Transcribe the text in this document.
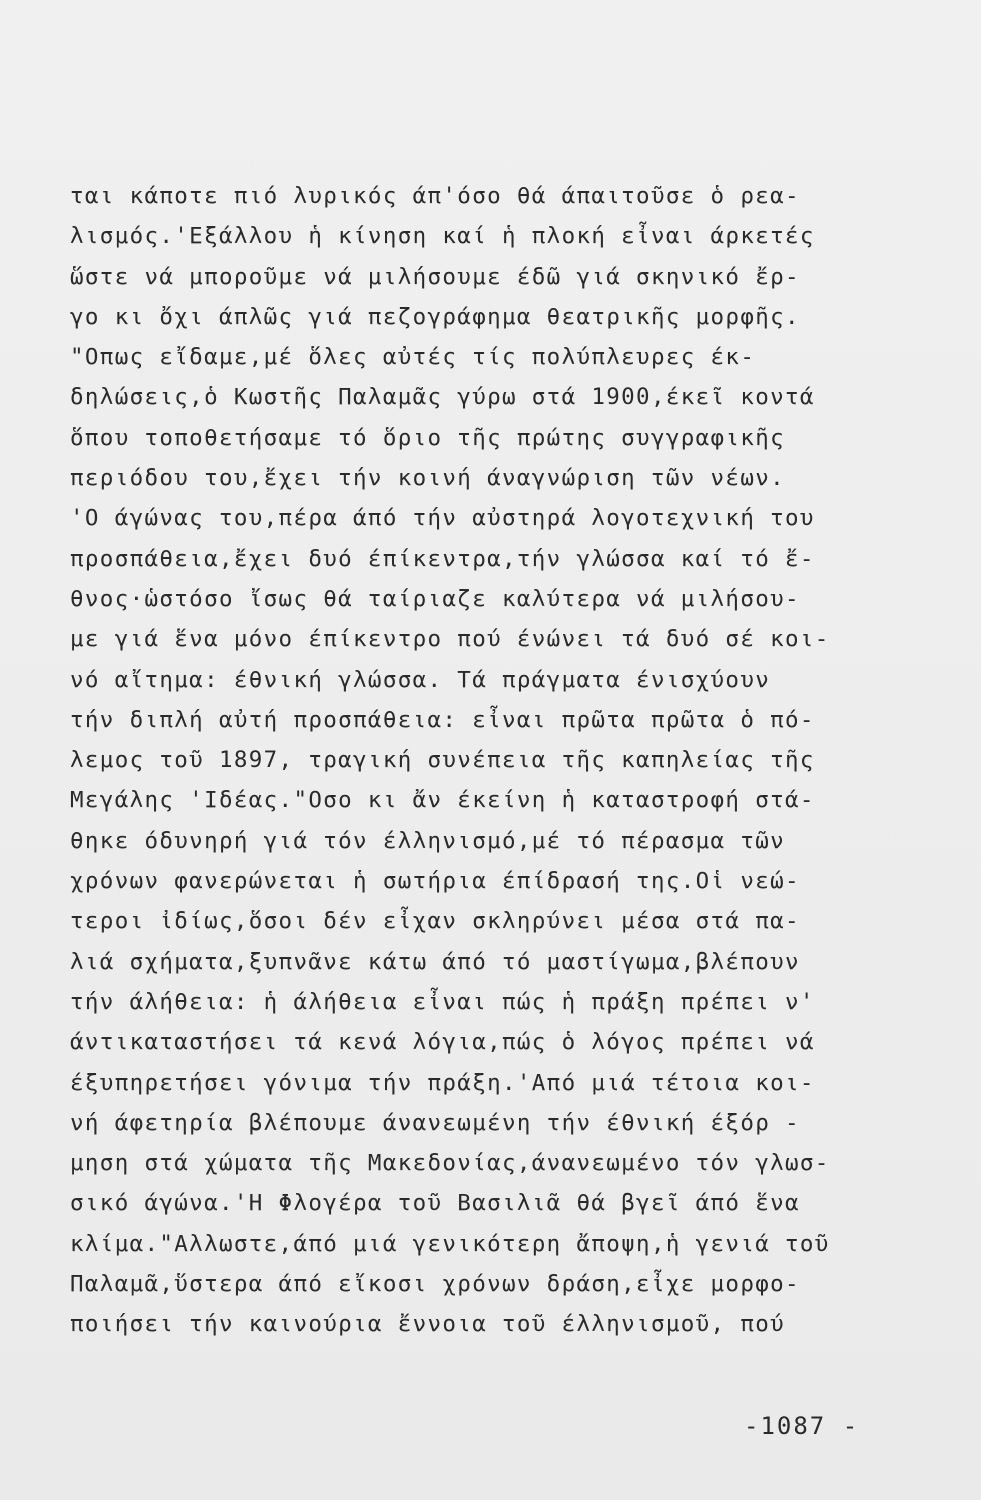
ται κάποτε πιό λυρικός άπ'όσο θά άπαιτοῦσε ὁ ρεα-
λισμός.'Εξάλλου ἡ κίνηση καί ἡ πλοκή εἶναι άρκετές
ὥστε νά μποροῦμε νά μιλήσουμε έδῶ γιά σκηνικό ἔρ-
γο κι ὄχι άπλῶς γιά πεζογράφημα θεατρικῆς μορφῆς.
"Οπως εἴδαμε,μέ ὅλες αὐτές τίς πολύπλευρες έκ-
δηλώσεις,ὁ Κωστῆς Παλαμᾶς γύρω στά 1900,έκεῖ κοντά
ὅπου τοποθετήσαμε τό ὅριο τῆς πρώτης συγγραφικῆς
περιόδου του,ἔχει τήν κοινή άναγνώριση τῶν νέων.
'Ο άγώνας του,πέρα άπό τήν αὐστηρά λογοτεχνική του
προσπάθεια,ἔχει δυό έπίκεντρα,τήν γλώσσα καί τό ἔ-
θνος·ὡστόσο ἴσως θά ταίριαζε καλύτερα νά μιλήσου-
με γιά ἕνα μόνο έπίκεντρο πού ένώνει τά δυό σέ κοι-
νό αἴτημα: έθνική γλώσσα. Τά πράγματα ένισχύουν
τήν διπλή αὐτή προσπάθεια: εἶναι πρῶτα πρῶτα ὁ πό-
λεμος τοῦ 1897, τραγική συνέπεια τῆς καπηλείας τῆς
Μεγάλης 'Ιδέας."Οσο κι ἄν έκείνη ἡ καταστροφή στά-
θηκε όδυνηρή γιά τόν έλληνισμό,μέ τό πέρασμα τῶν
χρόνων φανερώνεται ἡ σωτήρια έπίδρασή της.Οἱ νεώ-
τεροι ἰδίως,ὅσοι δέν εἶχαν σκληρύνει μέσα στά πα-
λιά σχήματα,ξυπνᾶνε κάτω άπό τό μαστίγωμα,βλέπουν
τήν άλήθεια: ἡ άλήθεια εἶναι πώς ἡ πράξη πρέπει ν'
άντικαταστήσει τά κενά λόγια,πώς ὁ λόγος πρέπει νά
έξυπηρετήσει γόνιμα τήν πράξη.'Από μιά τέτοια κοι-
νή άφετηρία βλέπουμε άνανεωμένη τήν έθνική έξόρ -
μηση στά χώματα τῆς Μακεδονίας,άνανεωμένο τόν γλωσ-
σικό άγώνα.'Η Φλογέρα τοῦ Βασιλιᾶ θά βγεῖ άπό ἕνα
κλίμα."Αλλωστε,άπό μιά γενικότερη ἄποψη,ἡ γενιά τοῦ
Παλαμᾶ,ὕστερα άπό εἴκοσι χρόνων δράση,εἶχε μορφο-
ποιήσει τήν καινούρια ἔννοια τοῦ έλληνισμοῦ, πού
-1087 -
